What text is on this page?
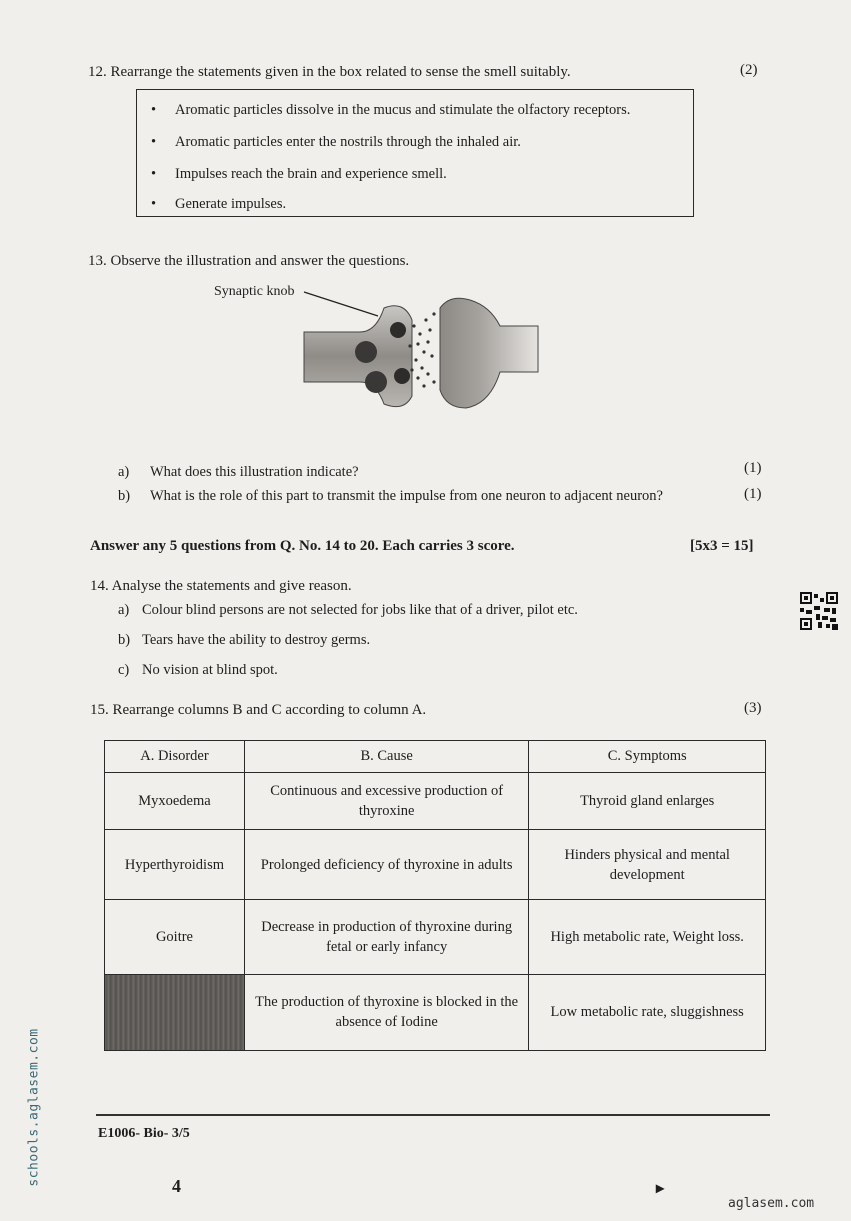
12. Rearrange the statements given in the box related to sense the smell suitably.	(2)
• Aromatic particles dissolve in the mucus and stimulate the olfactory receptors.
• Aromatic particles enter the nostrils through the inhaled air.
• Impulses reach the brain and experience smell.
• Generate impulses.
13. Observe the illustration and answer the questions.
Synaptic knob
a) What does this illustration indicate?	(1)
b) What is the role of this part to transmit the impulse from one neuron to adjacent neuron?	(1)
Answer any 5 questions from Q. No. 14 to 20. Each carries 3 score.	[5x3 = 15]
14. Analyse the statements and give reason.
a) Colour blind persons are not selected for jobs like that of a driver, pilot etc.
b) Tears have the ability to destroy germs.
c) No vision at blind spot.
15. Rearrange columns B and C according to column A.	(3)
A. Disorder	B. Cause	C. Symptoms
Myxoedema	Continuous and excessive production of thyroxine	Thyroid gland enlarges
Hyperthyroidism	Prolonged deficiency of thyroxine in adults	Hinders physical and mental development
Goitre	Decrease in production of thyroxine during fetal or early infancy	High metabolic rate, Weight loss.
	The production of thyroxine is blocked in the absence of Iodine	Low metabolic rate, sluggishness
E1006- Bio- 3/5
4	▸
schools.aglasem.com
aglasem.com
